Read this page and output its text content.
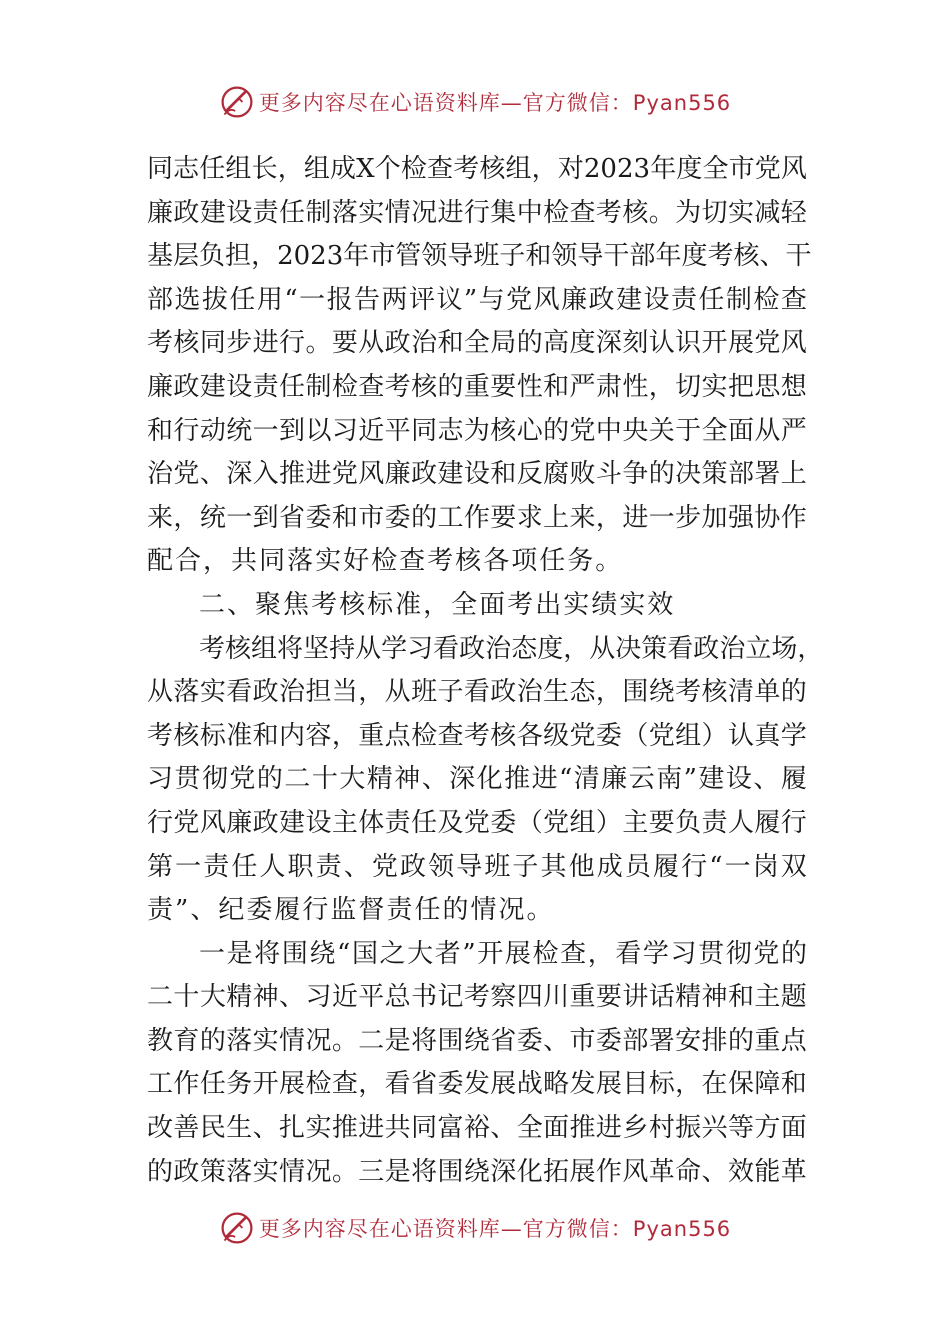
更多内容尽在心语资料库—官方微信：Pyan556
同 志 任 组 长 ， 组 成 X 个 检 查 考 核 组 ， 对 2023 年 度 全 市 党 风
廉 政 建 设 责 任 制 落 实 情 况 进 行 集 中 检 查 考 核 。 为 切 实 减 轻
基 层 负 担 ， 2023 年 市 管 领 导 班 子 和 领 导 干 部 年 度 考 核 、 干
部 选 拔 任 用 “ 一 报 告 两 评 议 ” 与 党 风 廉 政 建 设 责 任 制 检 查
考 核 同 步 进 行 。 要 从 政 治 和 全 局 的 高 度 深 刻 认 识 开 展 党 风
廉 政 建 设 责 任 制 检 查 考 核 的 重 要 性 和 严 肃 性 ， 切 实 把 思 想
和 行 动 统 一 到 以 习 近 平 同 志 为 核 心 的 党 中 央 关 于 全 面 从 严
治 党 、 深 入 推 进 党 风 廉 政 建 设 和 反 腐 败 斗 争 的 决 策 部 署 上
来 ， 统 一 到 省 委 和 市 委 的 工 作 要 求 上 来 ， 进 一 步 加 强 协 作
配 合 ， 共 同 落 实 好 检 查 考 核 各 项 任 务 。
二 、 聚 焦 考 核 标 准 ， 全 面 考 出 实 绩 实 效
考 核 组 将 坚 持 从 学 习 看 政 治 态 度 ， 从 决 策 看 政 治 立 场 ，
从 落 实 看 政 治 担 当 ， 从 班 子 看 政 治 生 态 ， 围 绕 考 核 清 单 的
考 核 标 准 和 内 容 ， 重 点 检 查 考 核 各 级 党 委 （ 党 组 ） 认 真 学
习 贯 彻 党 的 二 十 大 精 神 、 深 化 推 进 “ 清 廉 云 南 ” 建 设 、 履
行 党 风 廉 政 建 设 主 体 责 任 及 党 委 （ 党 组 ） 主 要 负 责 人 履 行
第 一 责 任 人 职 责 、 党 政 领 导 班 子 其 他 成 员 履 行 “ 一 岗 双
责 ” 、 纪 委 履 行 监 督 责 任 的 情 况 。
一 是 将 围 绕 “ 国 之 大 者 ” 开 展 检 查 ， 看 学 习 贯 彻 党 的
二 十 大 精 神 、 习 近 平 总 书 记 考 察 四 川 重 要 讲 话 精 神 和 主 题
教 育 的 落 实 情 况 。 二 是 将 围 绕 省 委 、 市 委 部 署 安 排 的 重 点
工 作 任 务 开 展 检 查 ， 看 省 委 发 展 战 略 发 展 目 标 ， 在 保 障 和
改 善 民 生 、 扎 实 推 进 共 同 富 裕 、 全 面 推 进 乡 村 振 兴 等 方 面
的 政 策 落 实 情 况 。 三 是 将 围 绕 深 化 拓 展 作 风 革 命 、 效 能 革
更多内容尽在心语资料库—官方微信：Pyan556
